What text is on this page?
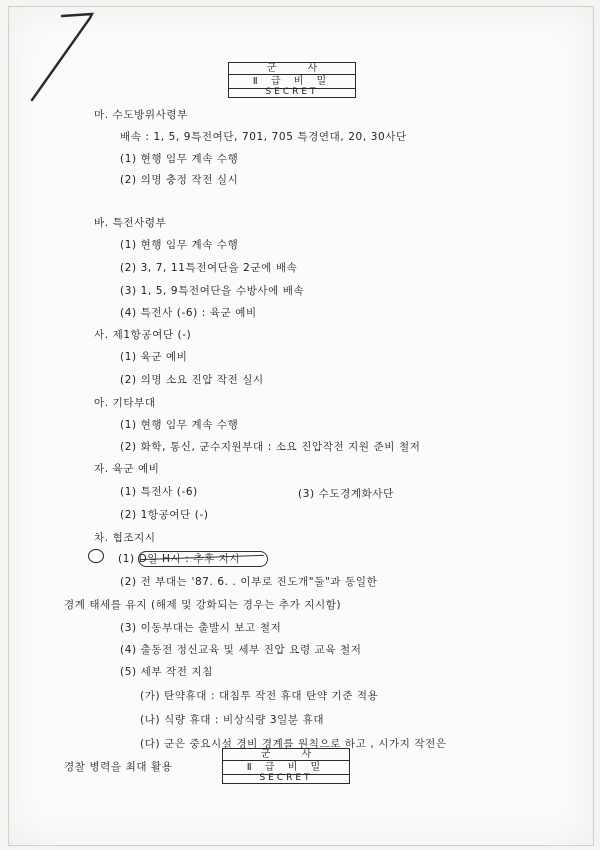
군 사
Ⅱ 급 비 밀
SECRET
마. 수도방위사령부
배속 : 1, 5, 9특전여단, 701, 705 특경연대, 20, 30사단
(1) 현행 임무 계속 수행
(2) 의명 충정 작전 실시
바. 특전사령부
(1) 현행 임무 계속 수행
(2) 3, 7, 11특전여단을 2군에 배속
(3) 1, 5, 9특전여단을 수방사에 배속
(4) 특전사 (-6) : 육군 예비
사. 제1항공여단 (-)
(1) 육군 예비
(2) 의명 소요 진압 작전 실시
아. 기타부대
(1) 현행 임무 계속 수행
(2) 화학, 통신, 군수지원부대 : 소요 진압작전 지원 준비 철저
자. 육군 예비
(1) 특전사 (-6)	(3) 수도경계화사단
(2) 1항공여단 (-)
차. 협조지시
(1) D일 H시 : 추후 지시
(2) 전 부대는 '87. 6. . 이부로 진도개"둘"과 동일한
경계 태세를 유지 (해제 및 강화되는 경우는 추가 지시함)
(3) 이동부대는 출발시 보고 철저
(4) 출동전 정신교육 및 세부 진압 요령 교육 철저
(5) 세부 작전 지침
(가) 탄약휴대 : 대침투 작전 휴대 탄약 기준 적용
(나) 식량 휴대 : 비상식량 3일분 휴대
(다) 군은 중요시설 경비 경계를 원칙으로 하고 , 시가지 작전은
경찰 병력을 최대 활용
군 사
Ⅱ 급 비 밀
SECRET
